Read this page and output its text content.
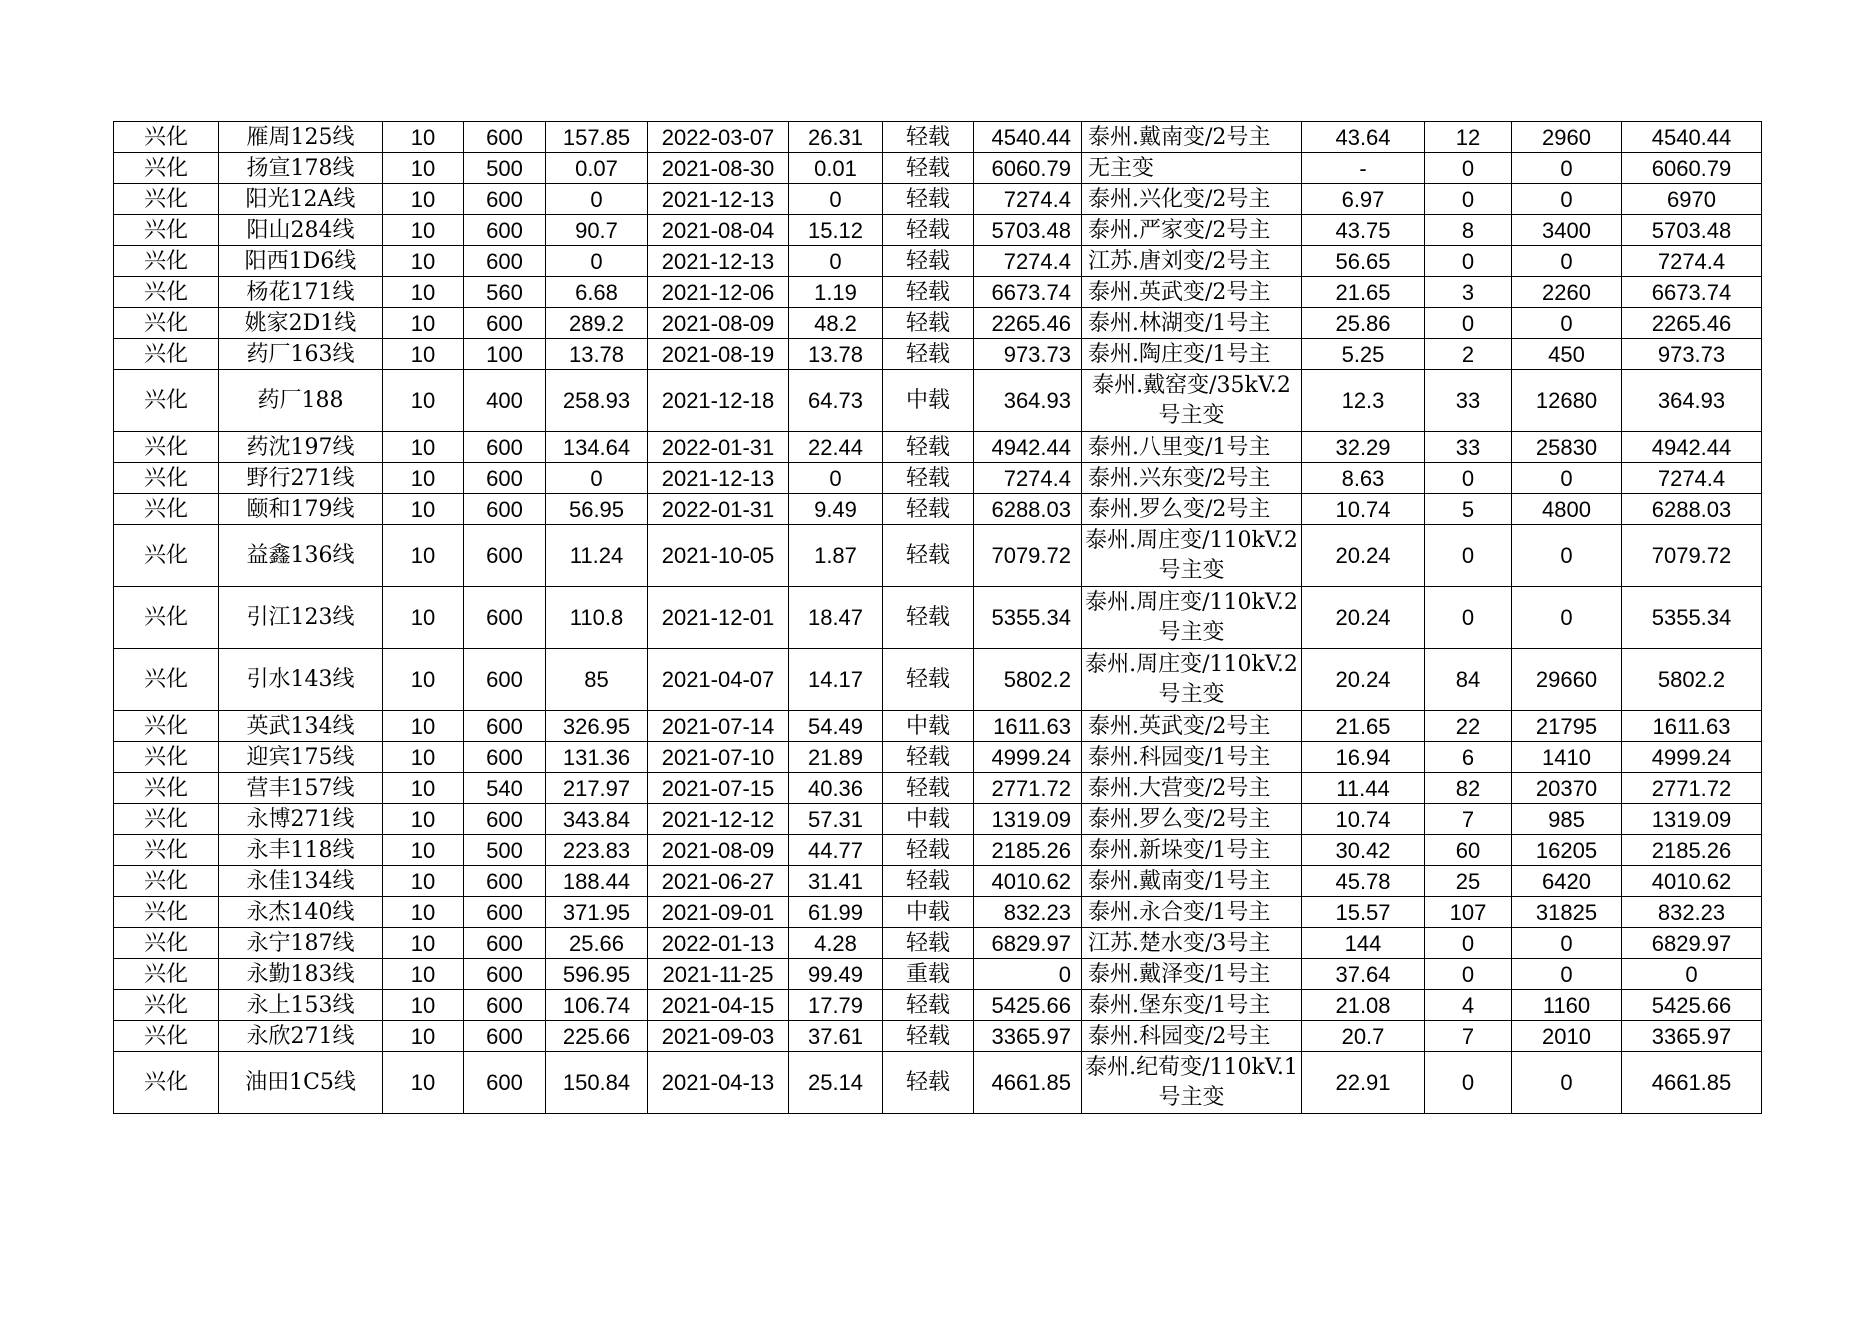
兴化	雁周125线	10	600	157.85	2022-03-07	26.31	轻载	4540.44	泰州.戴南变/2号主	43.64	12	2960	4540.44
兴化	扬宣178线	10	500	0.07	2021-08-30	0.01	轻载	6060.79	无主变	-	0	0	6060.79
兴化	阳光12A线	10	600	0	2021-12-13	0	轻载	7274.4	泰州.兴化变/2号主	6.97	0	0	6970
兴化	阳山284线	10	600	90.7	2021-08-04	15.12	轻载	5703.48	泰州.严家变/2号主	43.75	8	3400	5703.48
兴化	阳西1D6线	10	600	0	2021-12-13	0	轻载	7274.4	江苏.唐刘变/2号主	56.65	0	0	7274.4
兴化	杨花171线	10	560	6.68	2021-12-06	1.19	轻载	6673.74	泰州.英武变/2号主	21.65	3	2260	6673.74
兴化	姚家2D1线	10	600	289.2	2021-08-09	48.2	轻载	2265.46	泰州.林湖变/1号主	25.86	0	0	2265.46
兴化	药厂163线	10	100	13.78	2021-08-19	13.78	轻载	973.73	泰州.陶庄变/1号主	5.25	2	450	973.73
兴化	药厂188	10	400	258.93	2021-12-18	64.73	中载	364.93	泰州.戴窑变/35kV.2号主变	12.3	33	12680	364.93
兴化	药沈197线	10	600	134.64	2022-01-31	22.44	轻载	4942.44	泰州.八里变/1号主	32.29	33	25830	4942.44
兴化	野行271线	10	600	0	2021-12-13	0	轻载	7274.4	泰州.兴东变/2号主	8.63	0	0	7274.4
兴化	颐和179线	10	600	56.95	2022-01-31	9.49	轻载	6288.03	泰州.罗么变/2号主	10.74	5	4800	6288.03
兴化	益鑫136线	10	600	11.24	2021-10-05	1.87	轻载	7079.72	泰州.周庄变/110kV.2号主变	20.24	0	0	7079.72
兴化	引江123线	10	600	110.8	2021-12-01	18.47	轻载	5355.34	泰州.周庄变/110kV.2号主变	20.24	0	0	5355.34
兴化	引水143线	10	600	85	2021-04-07	14.17	轻载	5802.2	泰州.周庄变/110kV.2号主变	20.24	84	29660	5802.2
兴化	英武134线	10	600	326.95	2021-07-14	54.49	中载	1611.63	泰州.英武变/2号主	21.65	22	21795	1611.63
兴化	迎宾175线	10	600	131.36	2021-07-10	21.89	轻载	4999.24	泰州.科园变/1号主	16.94	6	1410	4999.24
兴化	营丰157线	10	540	217.97	2021-07-15	40.36	轻载	2771.72	泰州.大营变/2号主	11.44	82	20370	2771.72
兴化	永博271线	10	600	343.84	2021-12-12	57.31	中载	1319.09	泰州.罗么变/2号主	10.74	7	985	1319.09
兴化	永丰118线	10	500	223.83	2021-08-09	44.77	轻载	2185.26	泰州.新垛变/1号主	30.42	60	16205	2185.26
兴化	永佳134线	10	600	188.44	2021-06-27	31.41	轻载	4010.62	泰州.戴南变/1号主	45.78	25	6420	4010.62
兴化	永杰140线	10	600	371.95	2021-09-01	61.99	中载	832.23	泰州.永合变/1号主	15.57	107	31825	832.23
兴化	永宁187线	10	600	25.66	2022-01-13	4.28	轻载	6829.97	江苏.楚水变/3号主	144	0	0	6829.97
兴化	永勤183线	10	600	596.95	2021-11-25	99.49	重载	0	泰州.戴泽变/1号主	37.64	0	0	0
兴化	永上153线	10	600	106.74	2021-04-15	17.79	轻载	5425.66	泰州.堡东变/1号主	21.08	4	1160	5425.66
兴化	永欣271线	10	600	225.66	2021-09-03	37.61	轻载	3365.97	泰州.科园变/2号主	20.7	7	2010	3365.97
兴化	油田1C5线	10	600	150.84	2021-04-13	25.14	轻载	4661.85	泰州.纪荀变/110kV.1号主变	22.91	0	0	4661.85
